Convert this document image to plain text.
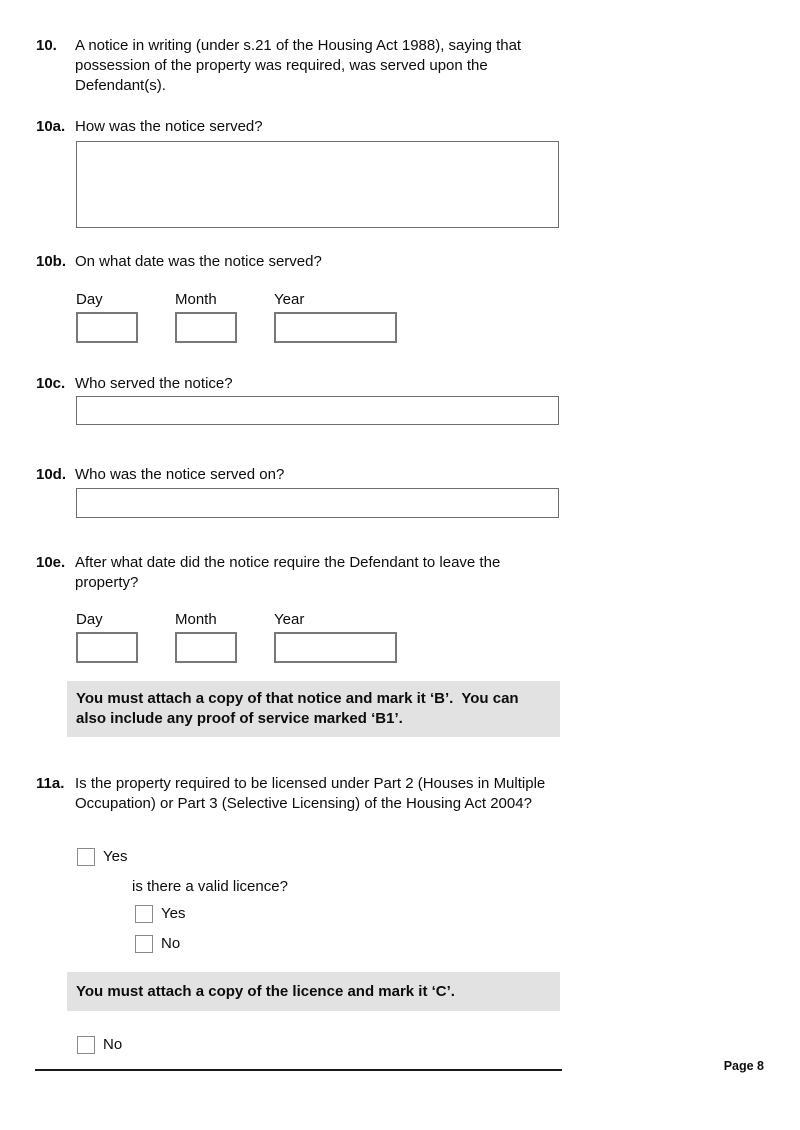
10. A notice in writing (under s.21 of the Housing Act 1988), saying that possession of the property was required, was served upon the Defendant(s).
10a. How was the notice served?
10b. On what date was the notice served?
Day	Month	Year
10c. Who served the notice?
10d. Who was the notice served on?
10e. After what date did the notice require the Defendant to leave the property?
Day	Month	Year
You must attach a copy of that notice and mark it ‘B’.  You can also include any proof of service marked ‘B1’.
11a. Is the property required to be licensed under Part 2 (Houses in Multiple Occupation) or Part 3 (Selective Licensing) of the Housing Act 2004?
Yes
is there a valid licence?
Yes
No
You must attach a copy of the licence and mark it ‘C’.
No
Page 8
